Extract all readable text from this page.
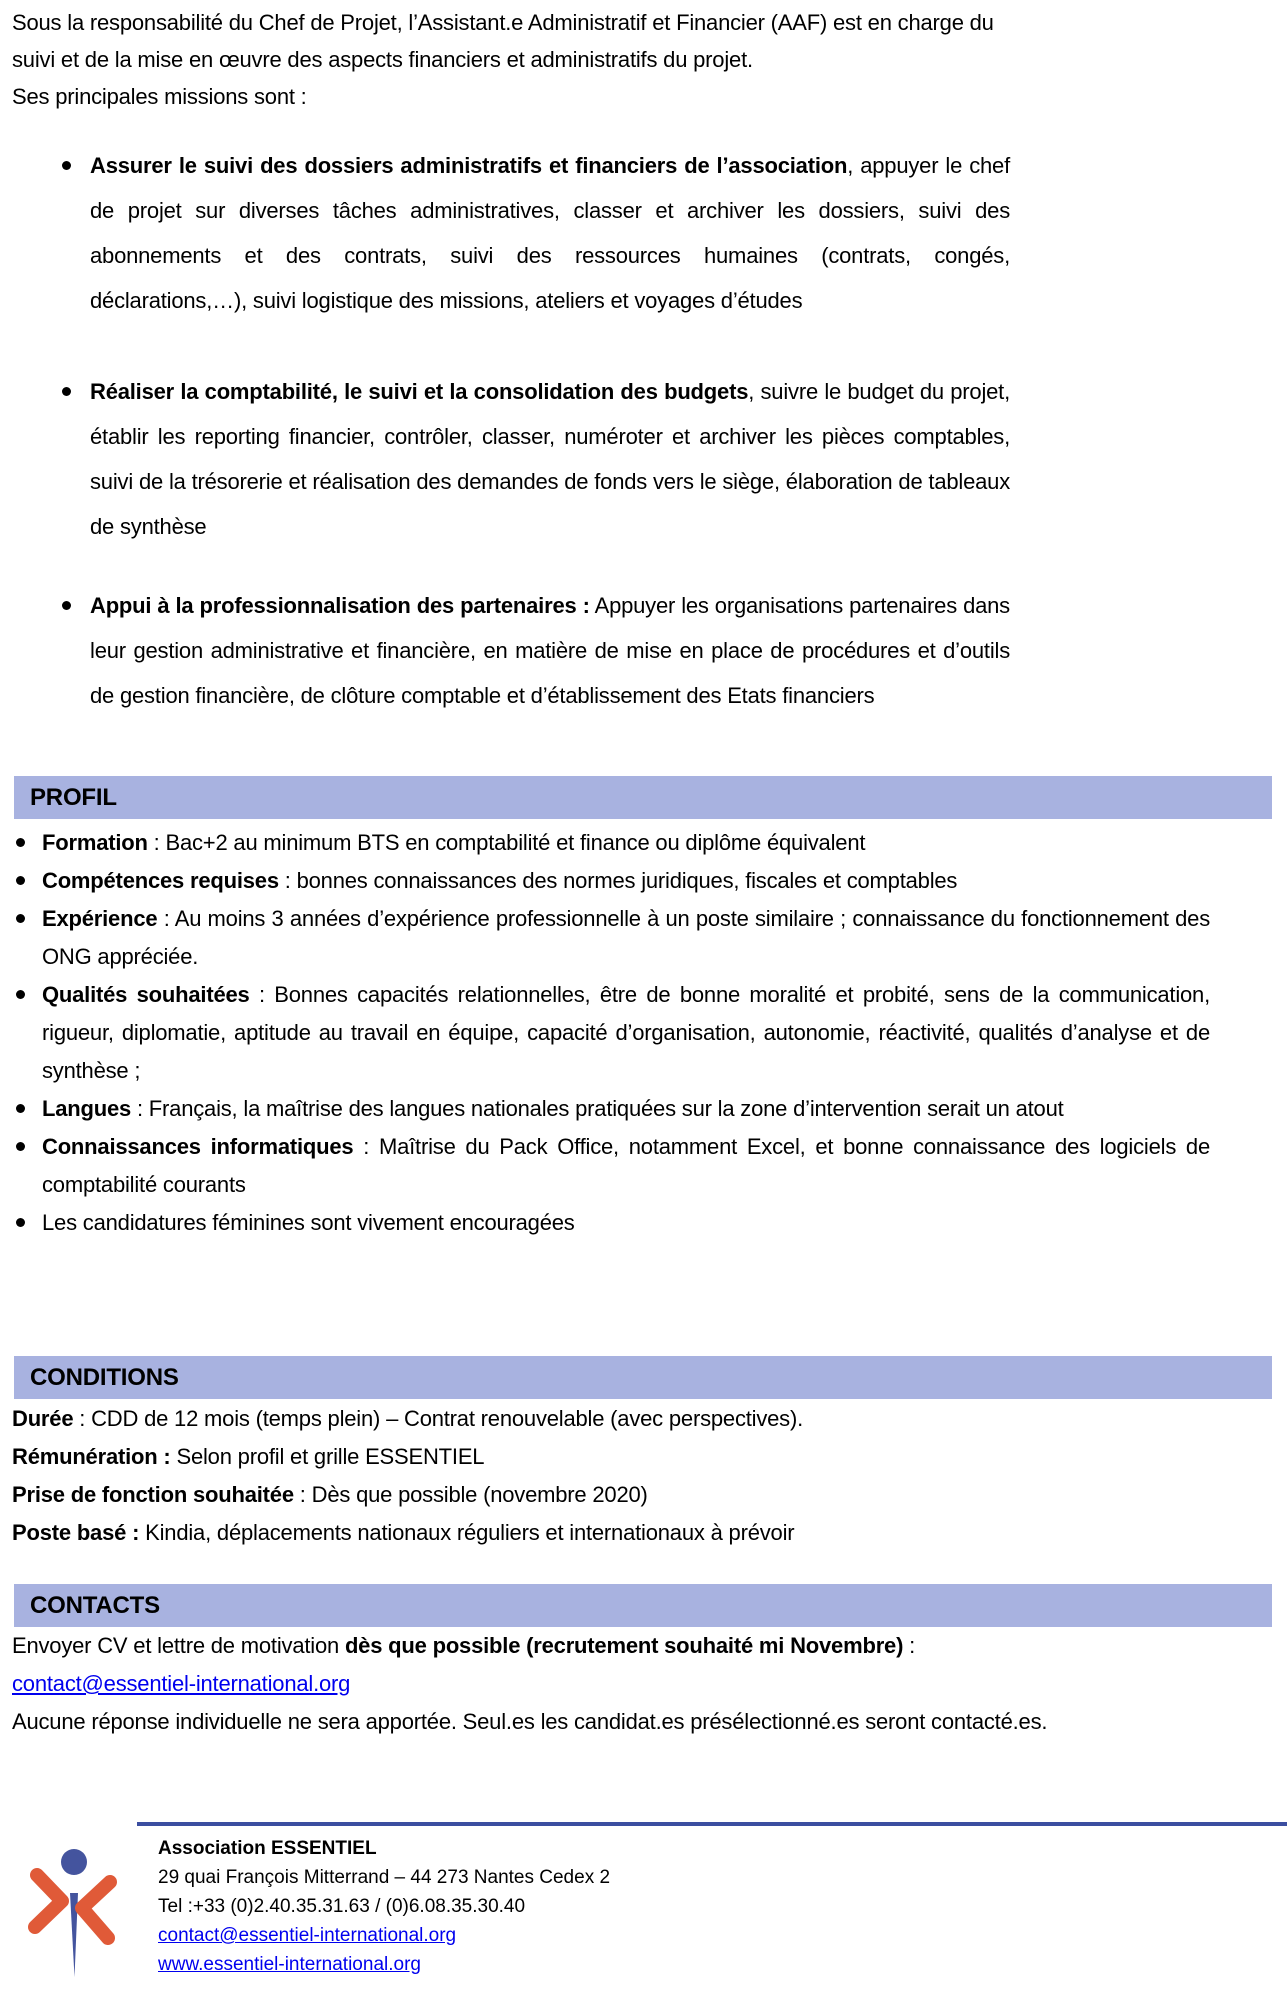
Sous la responsabilité du Chef de Projet, l’Assistant.e Administratif et Financier (AAF) est en charge du suivi et de la mise en œuvre des aspects financiers et administratifs du projet.
Ses principales missions sont :
Assurer le suivi des dossiers administratifs et financiers de l’association, appuyer le chef de projet sur diverses tâches administratives, classer et archiver les dossiers, suivi des abonnements et des contrats, suivi des ressources humaines (contrats, congés, déclarations,…), suivi logistique des missions, ateliers et voyages d’études
Réaliser la comptabilité, le suivi et la consolidation des budgets, suivre le budget du projet, établir les reporting financier, contrôler, classer, numéroter et archiver les pièces comptables, suivi de la trésorerie et réalisation des demandes de fonds vers le siège, élaboration de tableaux de synthèse
Appui à la professionnalisation des partenaires : Appuyer les organisations partenaires dans leur gestion administrative et financière, en matière de mise en place de procédures et d’outils de gestion financière, de clôture comptable et d’établissement des Etats financiers
PROFIL
Formation : Bac+2 au minimum BTS en comptabilité et finance ou diplôme équivalent
Compétences requises : bonnes connaissances des normes juridiques, fiscales et comptables
Expérience : Au moins 3 années d’expérience professionnelle à un poste similaire ; connaissance du fonctionnement des ONG appréciée.
Qualités souhaitées : Bonnes capacités relationnelles, être de bonne moralité et probité, sens de la communication, rigueur, diplomatie, aptitude au travail en équipe, capacité d’organisation, autonomie, réactivité, qualités d’analyse et de synthèse ;
Langues : Français, la maîtrise des langues nationales pratiquées sur la zone d’intervention serait un atout
Connaissances informatiques : Maîtrise du Pack Office, notamment Excel, et bonne connaissance des logiciels de comptabilité courants
Les candidatures féminines sont vivement encouragées
CONDITIONS
Durée : CDD de 12 mois (temps plein) – Contrat renouvelable (avec perspectives).
Rémunération : Selon profil et grille ESSENTIEL
Prise de fonction souhaitée : Dès que possible (novembre 2020)
Poste basé : Kindia, déplacements nationaux réguliers et internationaux à prévoir
CONTACTS
Envoyer CV et lettre de motivation dès que possible (recrutement souhaité mi Novembre) :
contact@essentiel-international.org
Aucune réponse individuelle ne sera apportée. Seul.es les candidat.es présélectionné.es seront contacté.es.
Association ESSENTIEL
29 quai François Mitterrand – 44 273 Nantes Cedex 2
Tel :+33 (0)2.40.35.31.63 / (0)6.08.35.30.40
contact@essentiel-international.org
www.essentiel-international.org
